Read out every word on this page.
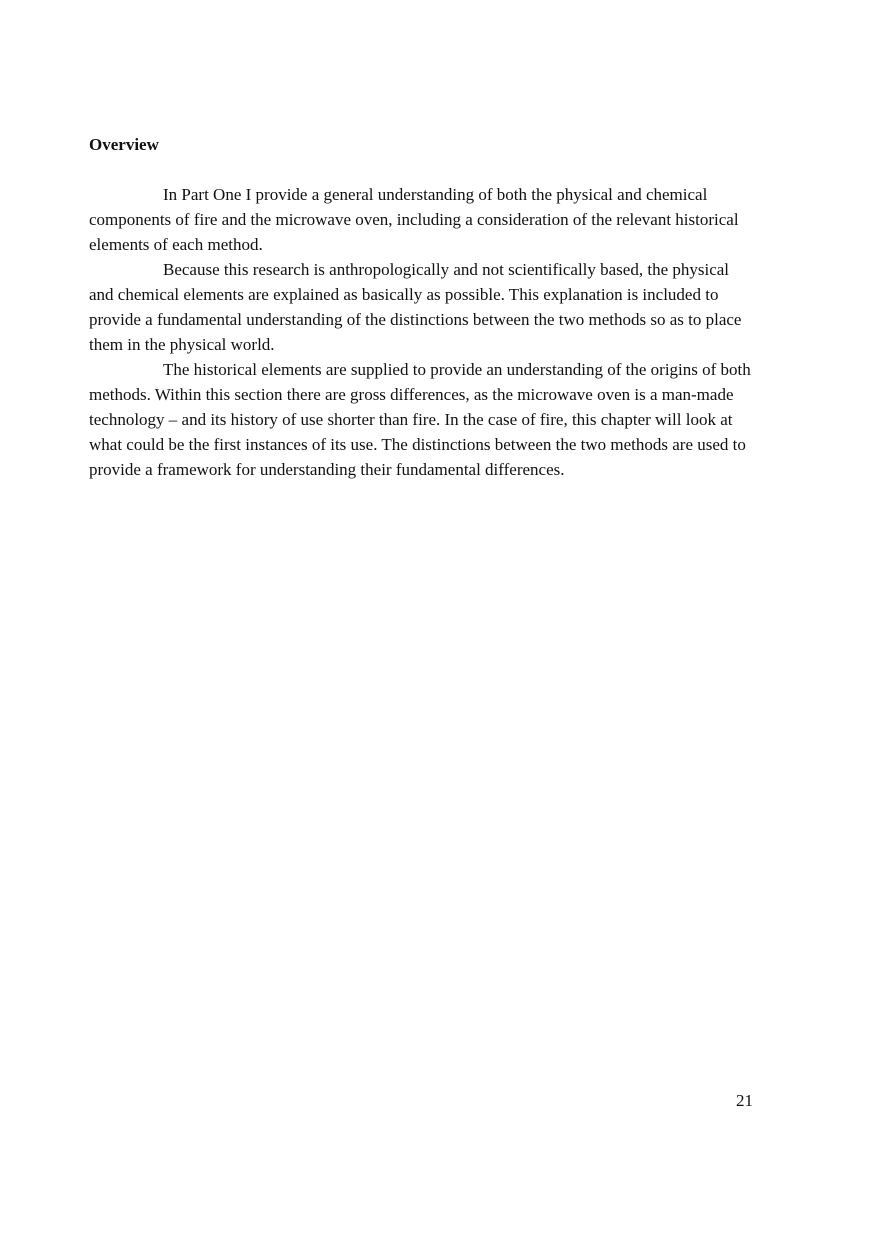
Overview

In Part One I provide a general understanding of both the physical and chemical components of fire and the microwave oven, including a consideration of the relevant historical elements of each method.

Because this research is anthropologically and not scientifically based, the physical and chemical elements are explained as basically as possible. This explanation is included to provide a fundamental understanding of the distinctions between the two methods so as to place them in the physical world.

The historical elements are supplied to provide an understanding of the origins of both methods. Within this section there are gross differences, as the microwave oven is a man-made technology – and its history of use shorter than fire. In the case of fire, this chapter will look at what could be the first instances of its use. The distinctions between the two methods are used to provide a framework for understanding their fundamental differences.

21
